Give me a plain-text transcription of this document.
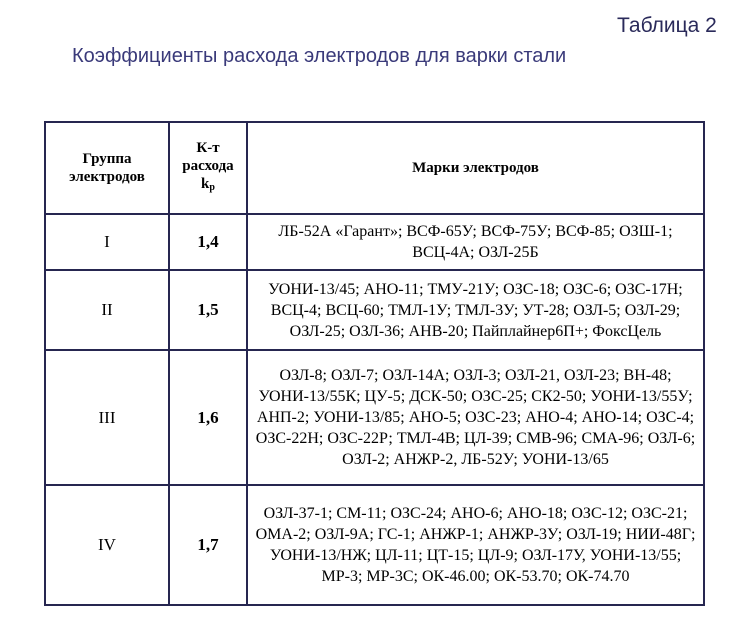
Таблица 2
Коэффициенты расхода электродов для варки стали
Группа электродов	К-т расхода $k_р$	Марки электродов
I	1,4	ЛБ-52А «Гарант»; ВСФ-65У; ВСФ-75У; ВСФ-85; ОЗШ-1; ВСЦ-4А; ОЗЛ-25Б
II	1,5	УОНИ-13/45; АНО-11; ТМУ-21У; ОЗС-18; ОЗС-6; ОЗС-17Н; ВСЦ-4; ВСЦ-60; ТМЛ-1У; ТМЛ-3У; УТ-28; ОЗЛ-5; ОЗЛ-29; ОЗЛ-25; ОЗЛ-36; АНВ-20; Пайплайнер6П+; ФоксЦель
III	1,6	ОЗЛ-8; ОЗЛ-7; ОЗЛ-14А; ОЗЛ-3; ОЗЛ-21, ОЗЛ-23; ВН-48; УОНИ-13/55К; ЦУ-5; ДСК-50; ОЗС-25; СК2-50; УОНИ-13/55У; АНП-2; УОНИ-13/85; АНО-5; ОЗС-23; АНО-4; АНО-14; ОЗС-4; ОЗС-22Н; ОЗС-22Р; ТМЛ-4В; ЦЛ-39; СМВ-96; СМА-96; ОЗЛ-6; ОЗЛ-2; АНЖР-2, ЛБ-52У; УОНИ-13/65
IV	1,7	ОЗЛ-37-1; СМ-11; ОЗС-24; АНО-6; АНО-18; ОЗС-12; ОЗС-21; ОМА-2; ОЗЛ-9А; ГС-1; АНЖР-1; АНЖР-3У; ОЗЛ-19; НИИ-48Г; УОНИ-13/НЖ; ЦЛ-11; ЦТ-15; ЦЛ-9; ОЗЛ-17У, УОНИ-13/55; МР-3; МР-3С; ОК-46.00; ОК-53.70; ОК-74.70
